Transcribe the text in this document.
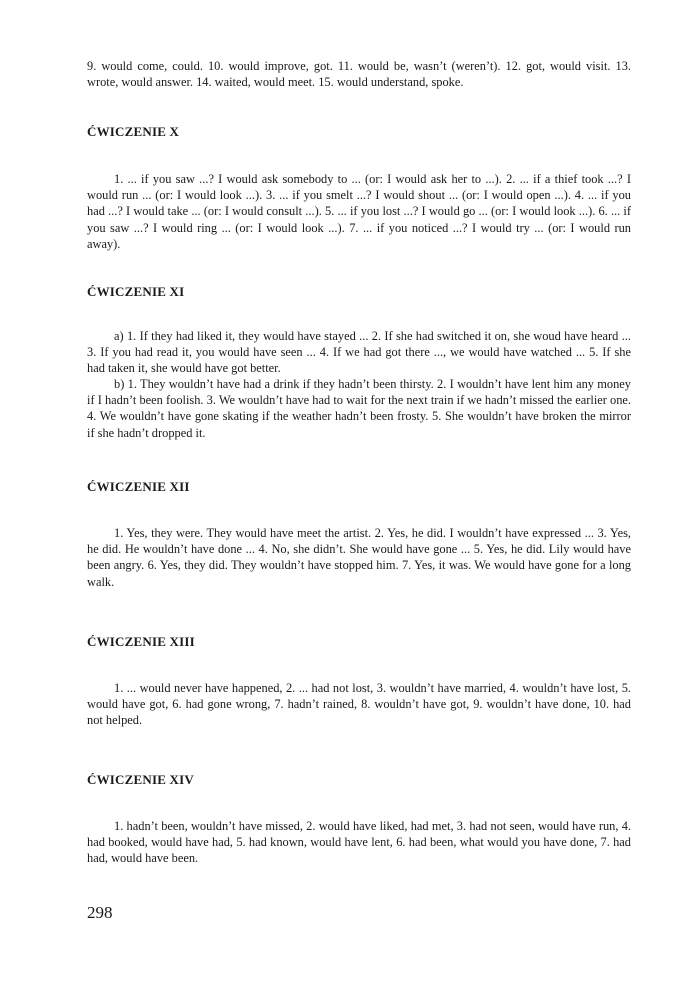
9. would come, could. 10. would improve, got. 11. would be, wasn’t (weren’t). 12. got, would visit. 13. wrote, would answer. 14. waited, would meet. 15. would understand, spoke.

ĆWICZENIE X

1. ... if you saw ...? I would ask somebody to ... (or: I would ask her to ...). 2. ... if a thief took ...? I would run ... (or: I would look ...). 3. ... if you smelt ...? I would shout ... (or: I would open ...). 4. ... if you had ...? I would take ... (or: I would consult ...). 5. ... if you lost ...? I would go ... (or: I would look ...). 6. ... if you saw ...? I would ring ... (or: I would look ...). 7. ... if you noticed ...? I would try ... (or: I would run away).

ĆWICZENIE XI

a) 1. If they had liked it, they would have stayed ... 2. If she had switched it on, she woud have heard ... 3. If you had read it, you would have seen ... 4. If we had got there ..., we would have watched ... 5. If she had taken it, she would have got better.

b) 1. They wouldn’t have had a drink if they hadn’t been thirsty. 2. I wouldn’t have lent him any money if I hadn’t been foolish. 3. We wouldn’t have had to wait for the next train if we hadn’t missed the earlier one. 4. We wouldn’t have gone skating if the weather hadn’t been frosty. 5. She wouldn’t have broken the mirror if she hadn’t dropped it.

ĆWICZENIE XII

1. Yes, they were. They would have meet the artist. 2. Yes, he did. I wouldn’t have expressed ... 3. Yes, he did. He wouldn’t have done ... 4. No, she didn’t. She would have gone ... 5. Yes, he did. Lily would have been angry. 6. Yes, they did. They wouldn’t have stopped him. 7. Yes, it was. We would have gone for a long walk.

ĆWICZENIE XIII

1. ... would never have happened, 2. ... had not lost, 3. wouldn’t have married, 4. wouldn’t have lost, 5. would have got, 6. had gone wrong, 7. hadn’t rained, 8. wouldn’t have got, 9. wouldn’t have done, 10. had not helped.

ĆWICZENIE XIV

1. hadn’t been, wouldn’t have missed, 2. would have liked, had met, 3. had not seen, would have run, 4. had booked, would have had, 5. had known, would have lent, 6. had been, what would you have done, 7. had had, would have been.

298
